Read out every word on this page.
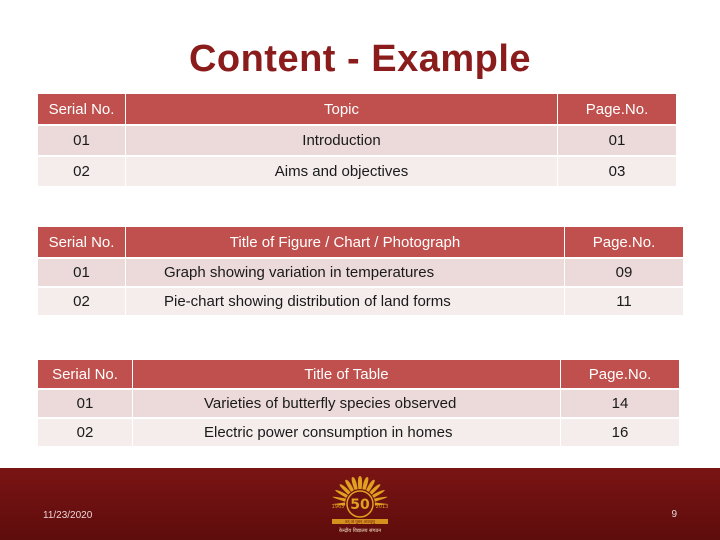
Content - Example
Serial No.		Topic		Page.No.

01		Introduction		01

02		Aims and objectives		03
Serial No.		Title of Figure / Chart / Photograph		Page.No.

01		Graph showing variation in temperatures		09

02		Pie-chart showing distribution of land forms		11
Serial No.		Title of Table		Page.No.

01		Varieties of butterfly species observed		14

02		Electric power consumption in homes		16
11/23/2020
50
1963	2013
तत् त्वं पूषन् अपावृणु
केन्द्रीय विद्यालय संगठन
9
